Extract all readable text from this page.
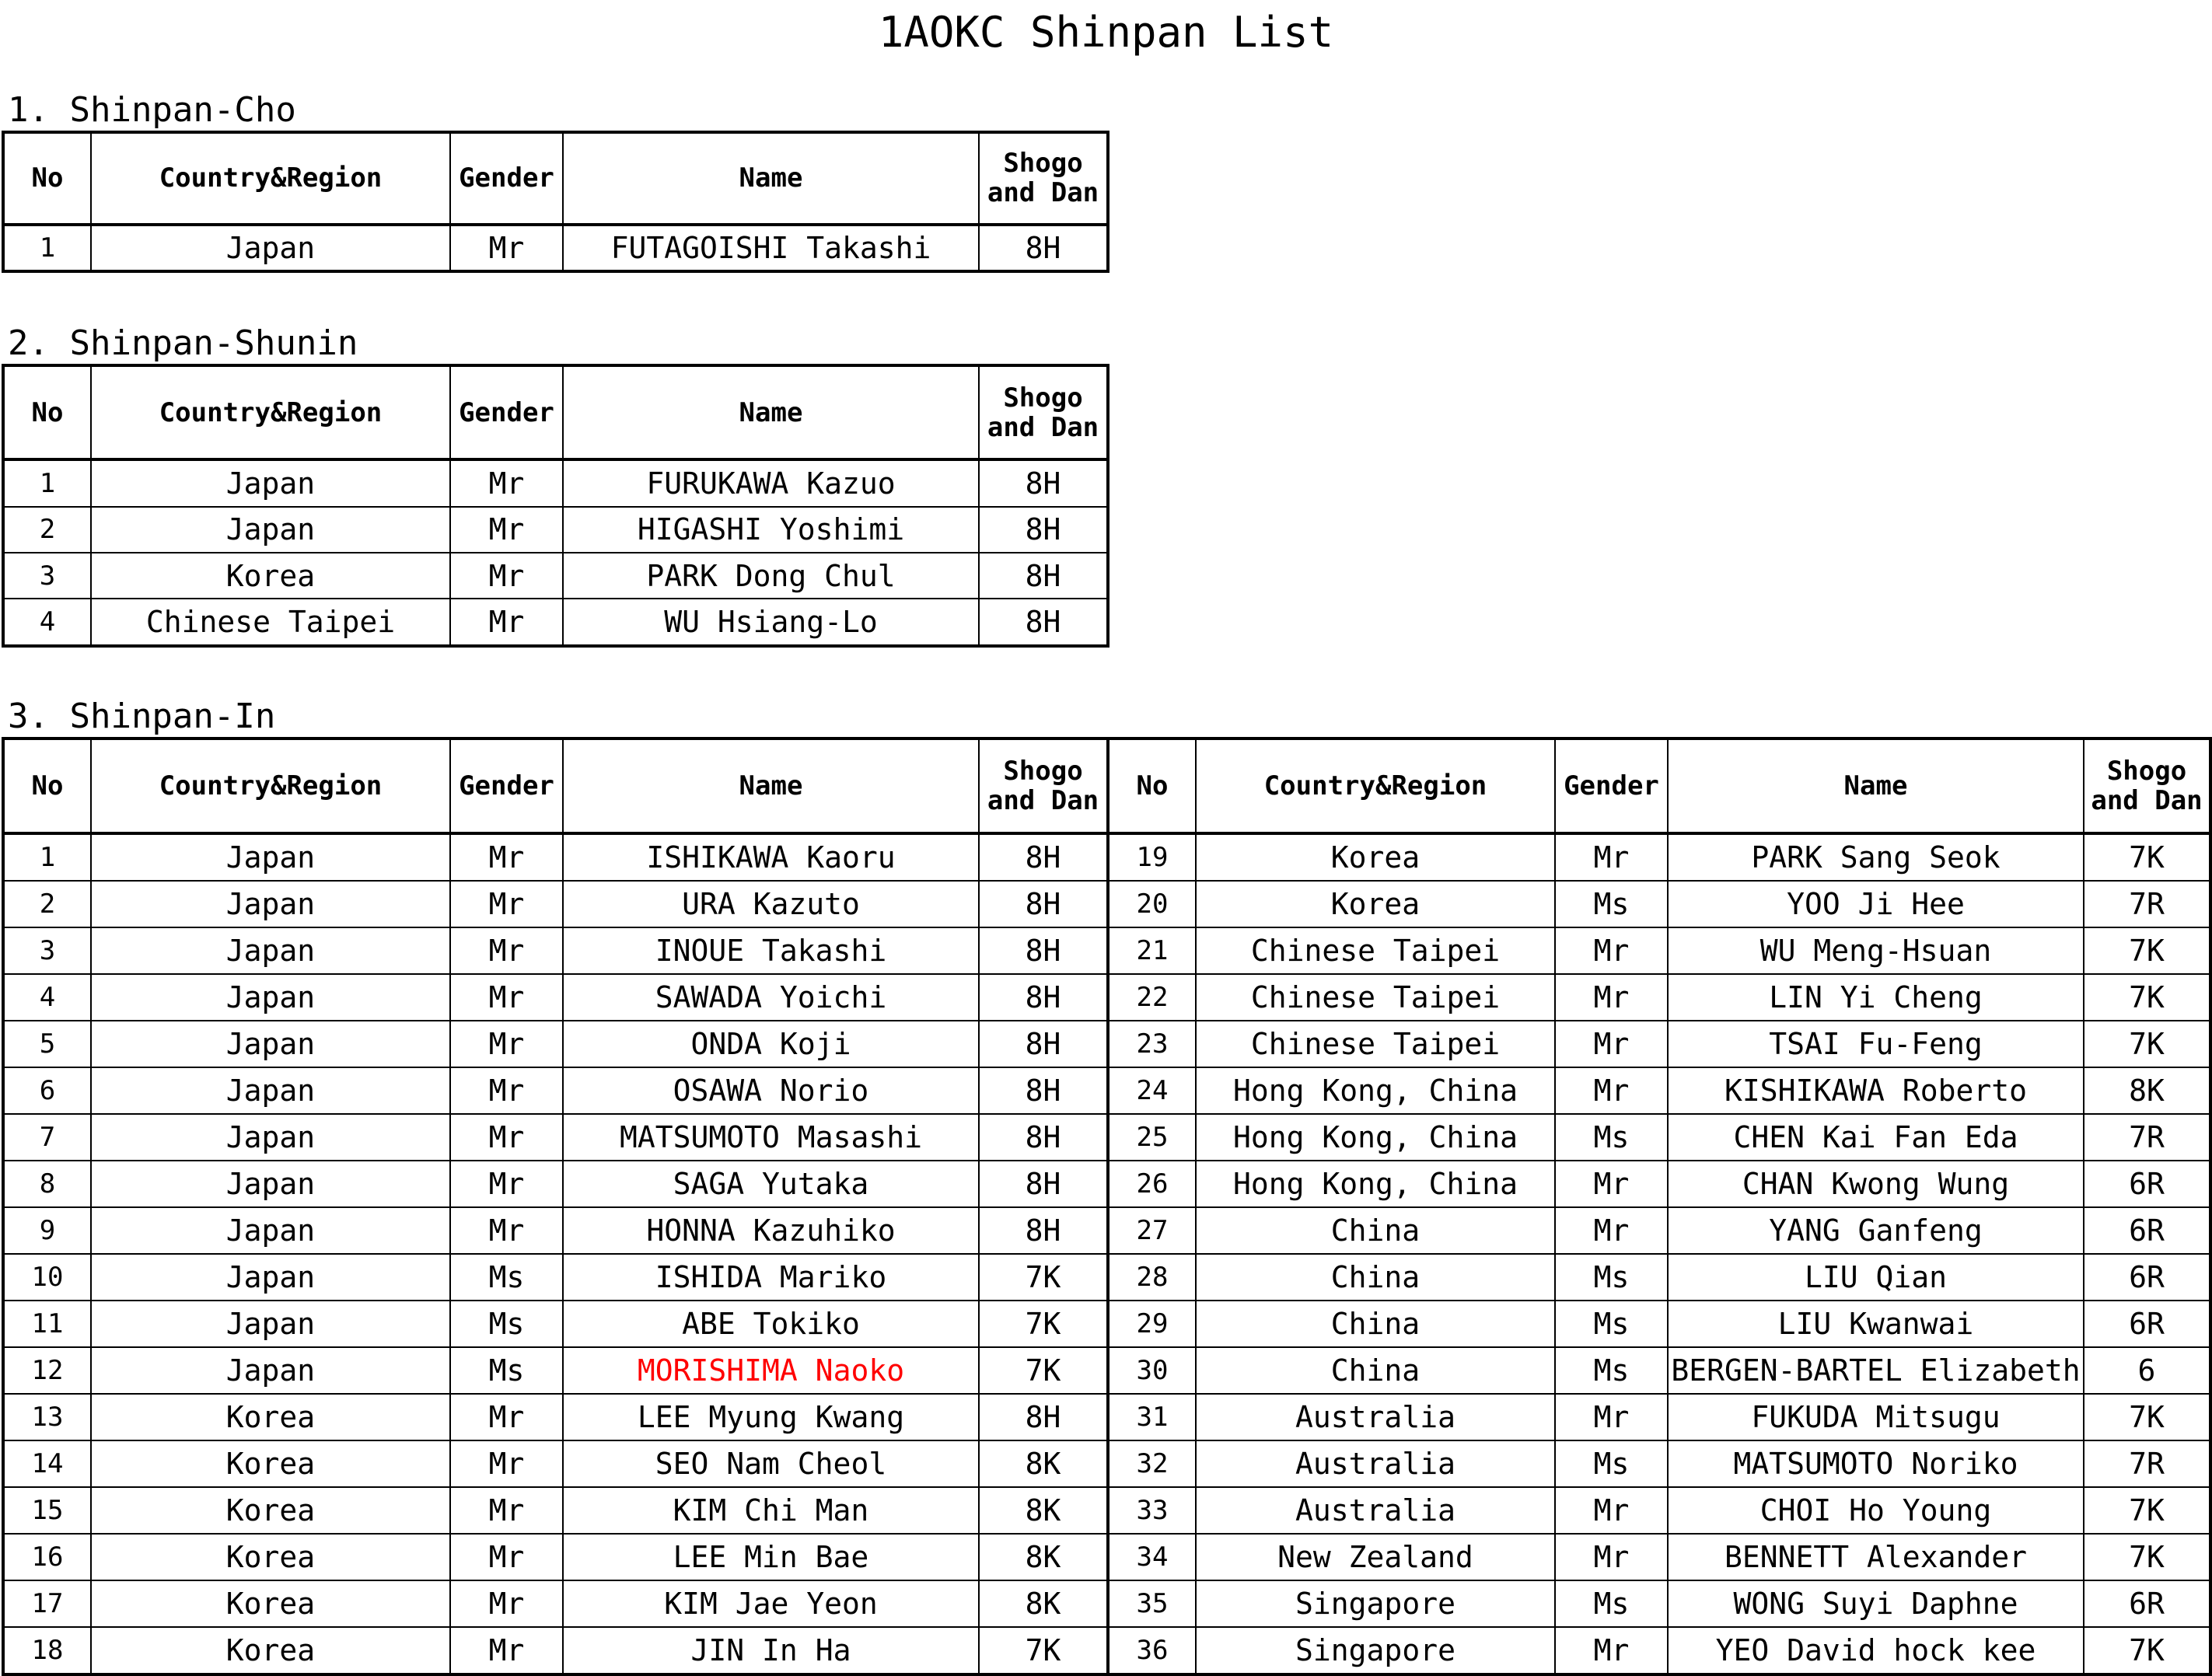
1AOKC Shinpan List
1. Shinpan-Cho
No	Country&Region	Gender	Name	Shogo and Dan
1	Japan	Mr	FUTAGOISHI Takashi	8H
2. Shinpan-Shunin
No	Country&Region	Gender	Name	Shogo and Dan
1	Japan	Mr	FURUKAWA Kazuo	8H
2	Japan	Mr	HIGASHI Yoshimi	8H
3	Korea	Mr	PARK Dong Chul	8H
4	Chinese Taipei	Mr	WU Hsiang-Lo	8H
3. Shinpan-In
No	Country&Region	Gender	Name	Shogo and Dan	No	Country&Region	Gender	Name	Shogo and Dan
1	Japan	Mr	ISHIKAWA Kaoru	8H	19	Korea	Mr	PARK Sang Seok	7K
2	Japan	Mr	URA Kazuto	8H	20	Korea	Ms	YOO Ji Hee	7R
3	Japan	Mr	INOUE Takashi	8H	21	Chinese Taipei	Mr	WU Meng-Hsuan	7K
4	Japan	Mr	SAWADA Yoichi	8H	22	Chinese Taipei	Mr	LIN Yi Cheng	7K
5	Japan	Mr	ONDA Koji	8H	23	Chinese Taipei	Mr	TSAI Fu-Feng	7K
6	Japan	Mr	OSAWA Norio	8H	24	Hong Kong, China	Mr	KISHIKAWA Roberto	8K
7	Japan	Mr	MATSUMOTO Masashi	8H	25	Hong Kong, China	Ms	CHEN Kai Fan Eda	7R
8	Japan	Mr	SAGA Yutaka	8H	26	Hong Kong, China	Mr	CHAN Kwong Wung	6R
9	Japan	Mr	HONNA Kazuhiko	8H	27	China	Mr	YANG Ganfeng	6R
10	Japan	Ms	ISHIDA Mariko	7K	28	China	Ms	LIU Qian	6R
11	Japan	Ms	ABE Tokiko	7K	29	China	Ms	LIU Kwanwai	6R
12	Japan	Ms	MORISHIMA Naoko	7K	30	China	Ms	BERGEN-BARTEL Elizabeth	6
13	Korea	Mr	LEE Myung Kwang	8H	31	Australia	Mr	FUKUDA Mitsugu	7K
14	Korea	Mr	SEO Nam Cheol	8K	32	Australia	Ms	MATSUMOTO Noriko	7R
15	Korea	Mr	KIM Chi Man	8K	33	Australia	Mr	CHOI Ho Young	7K
16	Korea	Mr	LEE Min Bae	8K	34	New Zealand	Mr	BENNETT Alexander	7K
17	Korea	Mr	KIM Jae Yeon	8K	35	Singapore	Ms	WONG Suyi Daphne	6R
18	Korea	Mr	JIN In Ha	7K	36	Singapore	Mr	YEO David hock kee	7K
